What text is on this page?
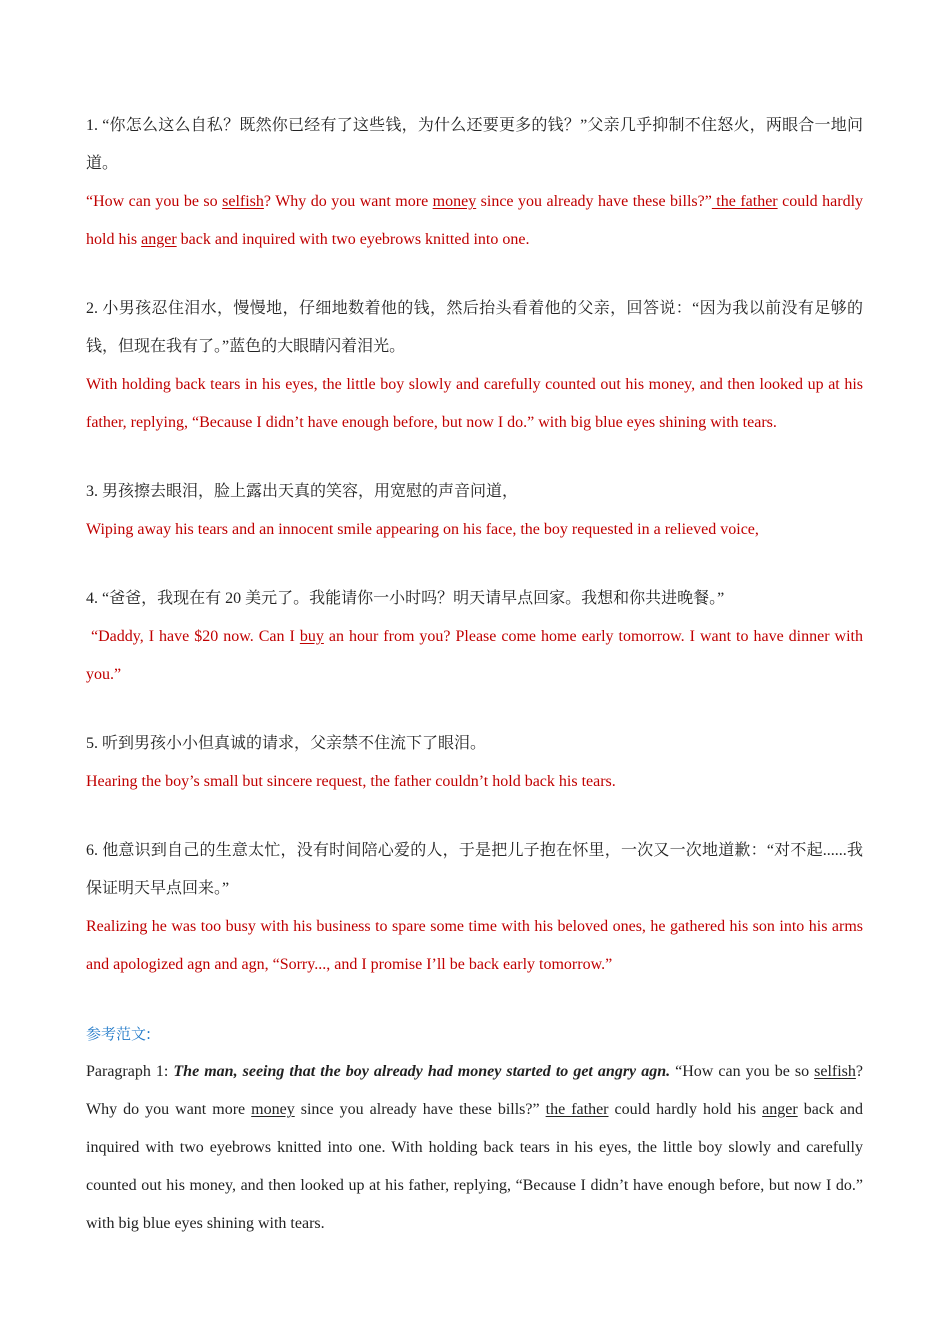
1. “你怎么这么自私？既然你已经有了这些钱，为什么还要更多的钱？”父亲几乎抑制不住怒火，两眼合一地问道。
“How can you be so selfish? Why do you want more money since you already have these bills?” the father could hardly hold his anger back and inquired with two eyebrows knitted into one.
2. 小男孩忍住泪水，慢慢地，仔细地数着他的钱，然后抬头看着他的父亲，回答说：“因为我以前没有足够的钱，但现在我有了。”蓝色的大眼睛闪着泪光。
With holding back tears in his eyes, the little boy slowly and carefully counted out his money, and then looked up at his father, replying, “Because I didn’t have enough before, but now I do.” with big blue eyes shining with tears.
3. 男孩擦去眼泪，脸上露出天真的笑容，用宽慰的声音问道，
Wiping away his tears and an innocent smile appearing on his face, the boy requested in a relieved voice,
4. “爸爸，我现在有 20 美元了。我能请你一小时吗？明天请早点回家。我想和你共进晚餐。”
“Daddy, I have $20 now. Can I buy an hour from you? Please come home early tomorrow. I want to have dinner with you.”
5. 听到男孩小小但真诚的请求，父亲禁不住流下了眼泪。
Hearing the boy’s small but sincere request, the father couldn’t hold back his tears.
6. 他意识到自己的生意太忙，没有时间陪心爱的人，于是把儿子抱在怀里，一次又一次地道歉：“对不起......我保证明天早点回来。”
Realizing he was too busy with his business to spare some time with his beloved ones, he gathered his son into his arms and apologized agn and agn, “Sorry..., and I promise I’ll be back early tomorrow.”
参考范文:
Paragraph 1: The man, seeing that the boy already had money started to get angry agn. “How can you be so selfish? Why do you want more money since you already have these bills?” the father could hardly hold his anger back and inquired with two eyebrows knitted into one. With holding back tears in his eyes, the little boy slowly and carefully counted out his money, and then looked up at his father, replying, “Because I didn’t have enough before, but now I do.” with big blue eyes shining with tears.
